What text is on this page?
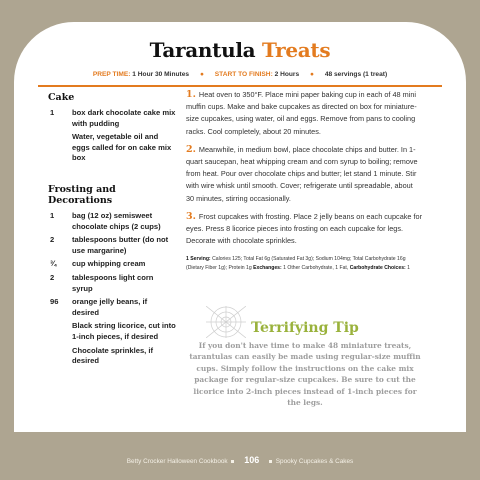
Tarantula Treats
PREP TIME: 1 Hour 30 Minutes ● START TO FINISH: 2 Hours ● 48 servings (1 treat)
Cake
1	box dark chocolate cake mix with pudding
Water, vegetable oil and eggs called for on cake mix box
Frosting and Decorations
1	bag (12 oz) semisweet chocolate chips (2 cups)
2	tablespoons butter (do not use margarine)
¾	cup whipping cream
2	tablespoons light corn syrup
96	orange jelly beans, if desired
Black string licorice, cut into 1-inch pieces, if desired
Chocolate sprinkles, if desired
1. Heat oven to 350°F. Place mini paper baking cup in each of 48 mini muffin cups. Make and bake cupcakes as directed on box for miniature-size cupcakes, using water, oil and eggs. Remove from pans to cooling racks. Cool completely, about 20 minutes.
2. Meanwhile, in medium bowl, place chocolate chips and butter. In 1-quart saucepan, heat whipping cream and corn syrup to boiling; remove from heat. Pour over chocolate chips and butter; let stand 1 minute. Stir with wire whisk until smooth. Cover; refrigerate until spreadable, about 30 minutes, stirring occasionally.
3. Frost cupcakes with frosting. Place 2 jelly beans on each cupcake for eyes. Press 8 licorice pieces into frosting on each cupcake for legs. Decorate with chocolate sprinkles.
1 Serving: Calories 125; Total Fat 6g (Saturated Fat 3g); Sodium 104mg; Total Carbohydrate 16g (Dietary Fiber 1g); Protein 1g Exchanges: 1 Other Carbohydrate, 1 Fat, Carbohydrate Choices: 1
Terrifying Tip
If you don't have time to make 48 miniature treats, tarantulas can easily be made using regular-size muffin cups. Simply follow the instructions on the cake mix package for regular-size cupcakes. Be sure to cut the licorice into 2-inch pieces instead of 1-inch pieces for the legs.
Betty Crocker Halloween Cookbook 106	Spooky Cupcakes & Cakes
